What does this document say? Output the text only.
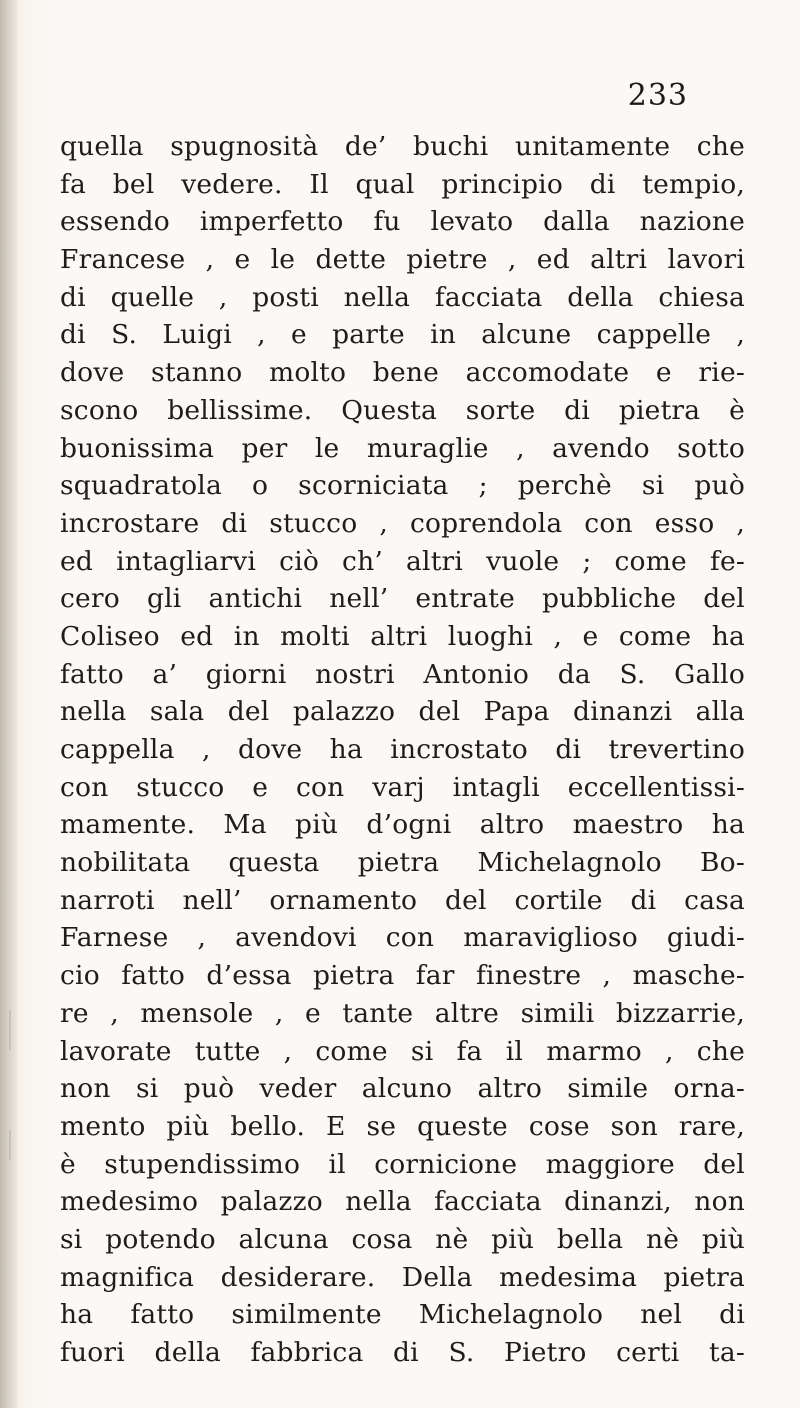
233
quella spugnosità de’ buchi unitamente che
fa bel vedere. Il qual principio di tempio,
essendo imperfetto fu levato dalla nazione
Francese , e le dette pietre , ed altri lavori
di quelle , posti nella facciata della chiesa
di S. Luigi , e parte in alcune cappelle ,
dove stanno molto bene accomodate e rie-
scono bellissime. Questa sorte di pietra è
buonissima per le muraglie , avendo sotto
squadratola o scorniciata ; perchè si può
incrostare di stucco , coprendola con esso ,
ed intagliarvi ciò ch’ altri vuole ; come fe-
cero gli antichi nell’ entrate pubbliche del
Coliseo ed in molti altri luoghi , e come ha
fatto a’ giorni nostri Antonio da S. Gallo
nella sala del palazzo del Papa dinanzi alla
cappella , dove ha incrostato di trevertino
con stucco e con varj intagli eccellentissi-
mamente. Ma più d’ogni altro maestro ha
nobilitata questa pietra Michelagnolo Bo-
narroti nell’ ornamento del cortile di casa
Farnese , avendovi con maraviglioso giudi-
cio fatto d’essa pietra far finestre , masche-
re , mensole , e tante altre simili bizzarrie,
lavorate tutte , come si fa il marmo , che
non si può veder alcuno altro simile orna-
mento più bello. E se queste cose son rare,
è stupendissimo il cornicione maggiore del
medesimo palazzo nella facciata dinanzi, non
si potendo alcuna cosa nè più bella nè più
magnifica desiderare. Della medesima pietra
ha fatto similmente Michelagnolo nel di
fuori della fabbrica di S. Pietro certi ta-
